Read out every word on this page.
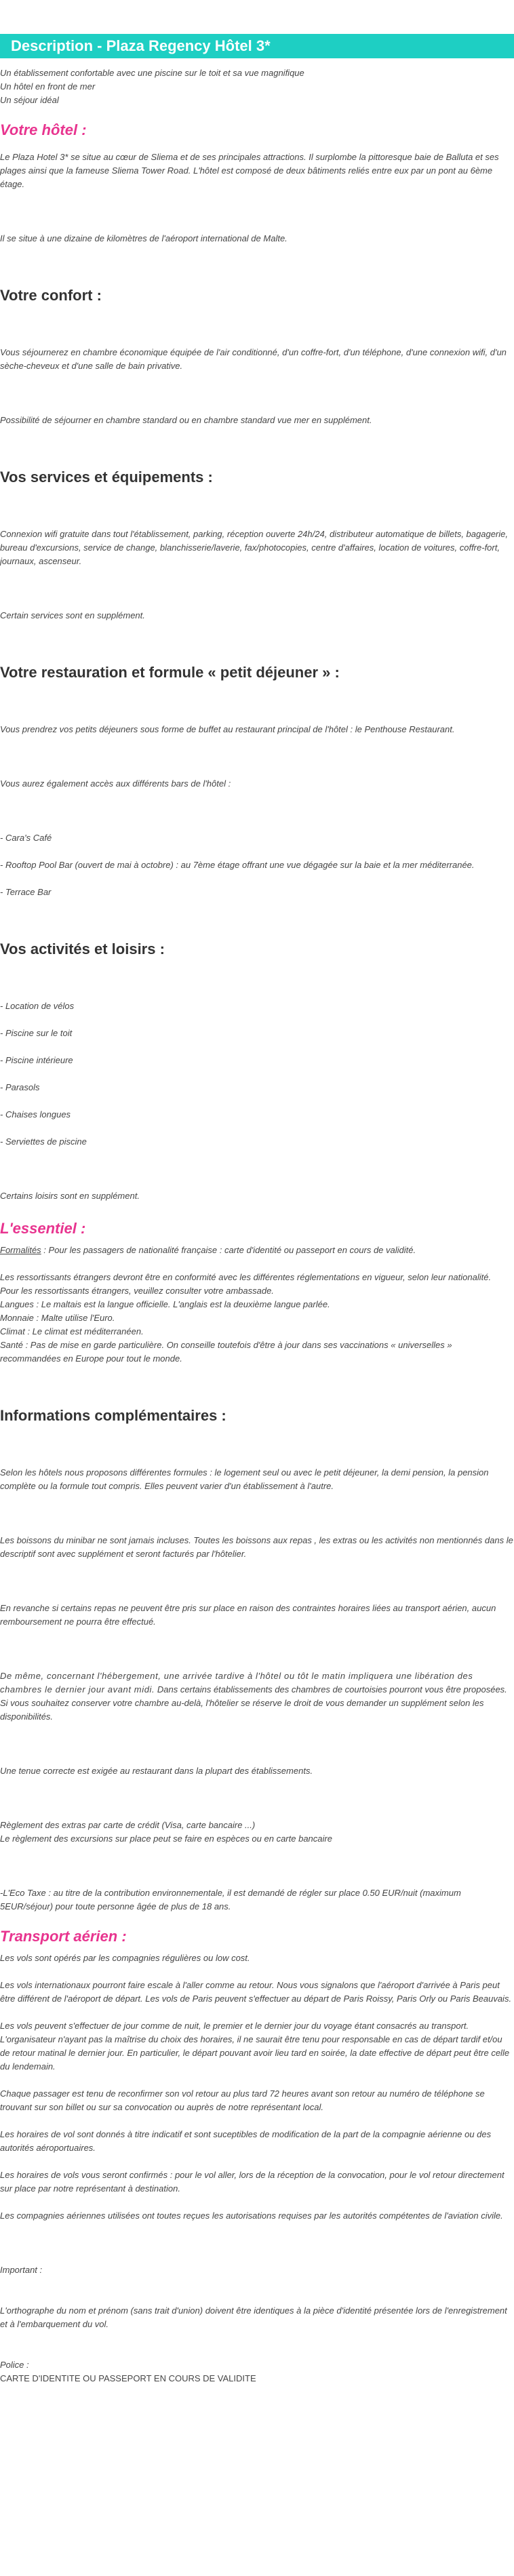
Description - Plaza Regency Hôtel 3*

Un établissement confortable avec une piscine sur le toit et sa vue magnifique

Un hôtel en front de mer

Un séjour idéal

Votre hôtel :

Le Plaza Hotel 3* se situe au cœur de Sliema et de ses principales attractions. Il surplombe la pittoresque baie de Balluta et ses plages ainsi que la fameuse Sliema Tower Road. L'hôtel est composé de deux bâtiments reliés entre eux par un pont au 6ème étage.

Il se situe à une dizaine de kilomètres de l'aéroport international de Malte.

Votre confort :

Vous séjournerez en chambre économique équipée de l'air conditionné, d'un coffre-fort, d'un téléphone, d'une connexion wifi, d'un sèche-cheveux et d'une salle de bain privative.

Possibilité de séjourner en chambre standard ou en chambre standard vue mer en supplément.

Vos services et équipements :

Connexion wifi gratuite dans tout l'établissement, parking, réception ouverte 24h/24, distributeur automatique de billets, bagagerie, bureau d'excursions, service de change, blanchisserie/laverie, fax/photocopies, centre d'affaires, location de voitures, coffre-fort, journaux, ascenseur.

Certain services sont en supplément.

Votre restauration et formule « petit déjeuner » :

Vous prendrez vos petits déjeuners sous forme de buffet au restaurant principal de l'hôtel : le Penthouse Restaurant.

Vous aurez également accès aux différents bars de l'hôtel :

- Cara's Café

- Rooftop Pool Bar (ouvert de mai à octobre) : au 7ème étage offrant une vue dégagée sur la baie et la mer méditerranée.

- Terrace Bar

Vos activités et loisirs :

- Location de vélos

- Piscine sur le toit

- Piscine intérieure

- Parasols

- Chaises longues

- Serviettes de piscine

Certains loisirs sont en supplément.

L'essentiel :

Formalités : Pour les passagers de nationalité française : carte d'identité ou passeport en cours de validité.

Les ressortissants étrangers devront être en conformité avec les différentes réglementations en vigueur, selon leur nationalité.

Pour les ressortissants étrangers, veuillez consulter votre ambassade.

Langues : Le maltais est la langue officielle. L'anglais est la deuxième langue parlée.

Monnaie : Malte utilise l'Euro.

Climat : Le climat est méditerranéen.

Santé : Pas de mise en garde particulière. On conseille toutefois d'être à jour dans ses vaccinations « universelles » recommandées en Europe pour tout le monde.

Informations complémentaires :

Selon les hôtels nous proposons différentes formules : le logement seul ou avec le petit déjeuner, la demi pension, la pension complète ou la formule tout compris. Elles peuvent varier d'un établissement à l'autre.

Les boissons du minibar ne sont jamais incluses. Toutes les boissons aux repas , les extras ou les activités non mentionnés dans le descriptif sont avec supplément et seront facturés par l'hôtelier.

En revanche si certains repas ne peuvent être pris sur place en raison des contraintes horaires liées au transport aérien, aucun remboursement ne pourra être effectué.

De même, concernant l'hébergement, une arrivée tardive à l'hôtel ou tôt le matin impliquera une libération des chambres le dernier jour avant midi. Dans certains établissements des chambres de courtoisies pourront vous être proposées. Si vous souhaitez conserver votre chambre au-delà, l'hôtelier se réserve le droit de vous demander un supplément selon les disponibilités.

Une tenue correcte est exigée au restaurant dans la plupart des établissements.

Règlement des extras par carte de crédit (Visa, carte bancaire ...)

Le règlement des excursions sur place peut se faire en espèces ou en carte bancaire

-L'Eco Taxe : au titre de la contribution environnementale, il est demandé de régler sur place 0.50 EUR/nuit (maximum 5EUR/séjour) pour toute personne âgée de plus de 18 ans.

Transport aérien :

Les vols sont opérés par les compagnies régulières ou low cost.

Les vols internationaux pourront faire escale à l'aller comme au retour. Nous vous signalons que l'aéroport d'arrivée à Paris peut être différent de l'aéroport de départ. Les vols de Paris peuvent s'effectuer au départ de Paris Roissy, Paris Orly ou Paris Beauvais.

Les vols peuvent s'effectuer de jour comme de nuit, le premier et le dernier jour du voyage étant consacrés au transport. L'organisateur n'ayant pas la maîtrise du choix des horaires, il ne saurait être tenu pour responsable en cas de départ tardif et/ou de retour matinal le dernier jour. En particulier, le départ pouvant avoir lieu tard en soirée, la date effective de départ peut être celle du lendemain.

Chaque passager est tenu de reconfirmer son vol retour au plus tard 72 heures avant son retour au numéro de téléphone se trouvant sur son billet ou sur sa convocation ou auprès de notre représentant local.

Les horaires de vol sont donnés à titre indicatif et sont suceptibles de modification de la part de la compagnie aérienne ou des autorités aéroportuaires.

Les horaires de vols vous seront confirmés : pour le vol aller, lors de la réception de la convocation, pour le vol retour directement sur place par notre représentant à destination.

Les compagnies aériennes utilisées ont toutes reçues les autorisations requises par les autorités compétentes de l'aviation civile.

Important :

L'orthographe du nom et prénom (sans trait d'union) doivent être identiques à la pièce d'identité présentée lors de l'enregistrement et à l'embarquement du vol.

Police :

CARTE D'IDENTITE OU PASSEPORT EN COURS DE VALIDITE
